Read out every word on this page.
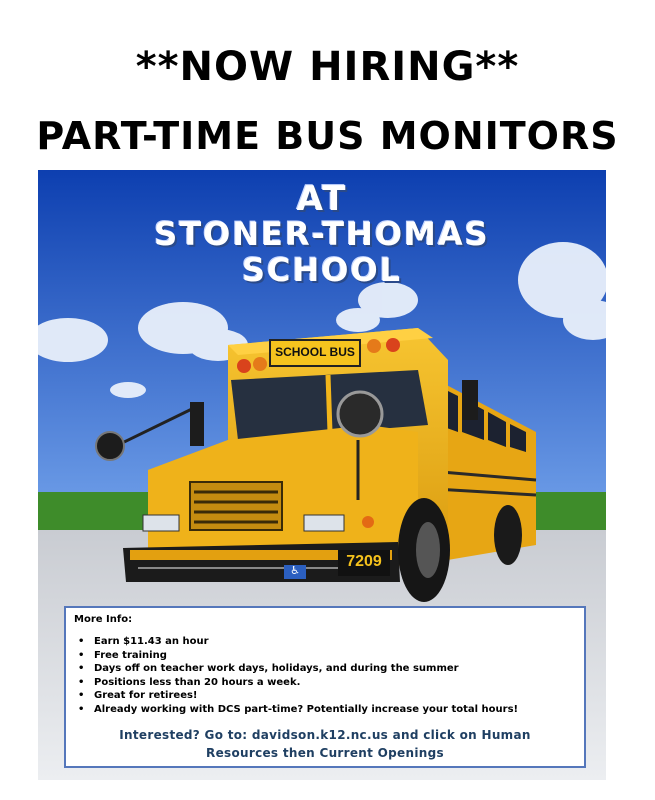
**NOW HIRING**
PART-TIME BUS MONITORS
AT
STONER-THOMAS
SCHOOL
SCHOOL BUS
7209
♿
More Info:
• Earn $11.43 an hour
• Free training
• Days off on teacher work days, holidays, and during the summer
• Positions less than 20 hours a week.
• Great for retirees!
• Already working with DCS part-time? Potentially increase your total hours!
Interested? Go to: davidson.k12.nc.us and click on Human
Resources then Current Openings
